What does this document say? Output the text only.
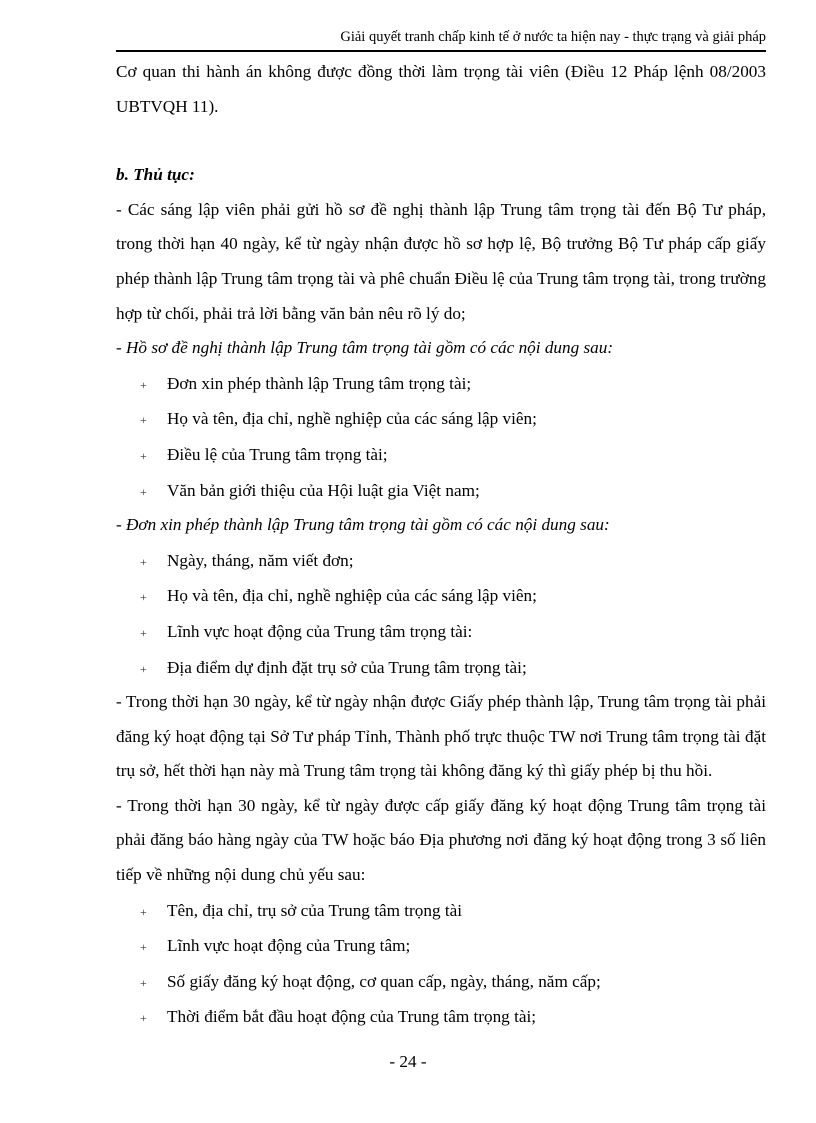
Giải quyết tranh chấp kinh tế ở nước ta hiện nay - thực trạng và giải pháp

Cơ quan thi hành án không được đồng thời làm trọng tài viên (Điều 12 Pháp lệnh 08/2003 UBTVQH 11).

b. Thủ tục:

- Các sáng lập viên phải gửi hồ sơ đề nghị thành lập Trung tâm trọng tài đến Bộ Tư pháp, trong thời hạn 40 ngày, kể từ ngày nhận được hồ sơ hợp lệ, Bộ trưởng Bộ Tư pháp cấp giấy phép thành lập Trung tâm trọng tài và phê chuẩn Điều lệ của Trung tâm trọng tài, trong trường hợp từ chối, phải trả lời bằng văn bản nêu rõ lý do;

- Hồ sơ đề nghị thành lập Trung tâm trọng tài gồm có các nội dung sau:

+ Đơn xin phép thành lập Trung tâm trọng tài;

+ Họ và tên, địa chỉ, nghề nghiệp của các sáng lập viên;

+ Điều lệ của Trung tâm trọng tài;

+ Văn bản giới thiệu của Hội luật gia Việt nam;

- Đơn xin phép thành lập Trung tâm trọng tài gồm có các nội dung sau:

+ Ngày, tháng, năm viết đơn;

+ Họ và tên, địa chỉ, nghề nghiệp của các sáng lập viên;

+ Lĩnh vực hoạt động của Trung tâm trọng tài:

+ Địa điểm dự định đặt trụ sở của Trung tâm trọng tài;

- Trong thời hạn 30 ngày, kể từ ngày nhận được Giấy phép thành lập, Trung tâm trọng tài phải đăng ký hoạt động tại Sở Tư pháp Tỉnh, Thành phố trực thuộc TW nơi Trung tâm trọng tài đặt trụ sở, hết thời hạn này mà Trung tâm trọng tài không đăng ký thì giấy phép bị thu hồi.

- Trong thời hạn 30 ngày, kể từ ngày được cấp giấy đăng ký hoạt động Trung tâm trọng tài phải đăng báo hàng ngày của TW hoặc báo Địa phương nơi đăng ký hoạt động trong 3 số liên tiếp về những nội dung chủ yếu sau:

+ Tên, địa chỉ, trụ sở của Trung tâm trọng tài

+ Lĩnh vực hoạt động của Trung tâm;

+ Số giấy đăng ký hoạt động, cơ quan cấp, ngày, tháng, năm cấp;

+ Thời điểm bắt đầu hoạt động của Trung tâm trọng tài;

- 24 -
